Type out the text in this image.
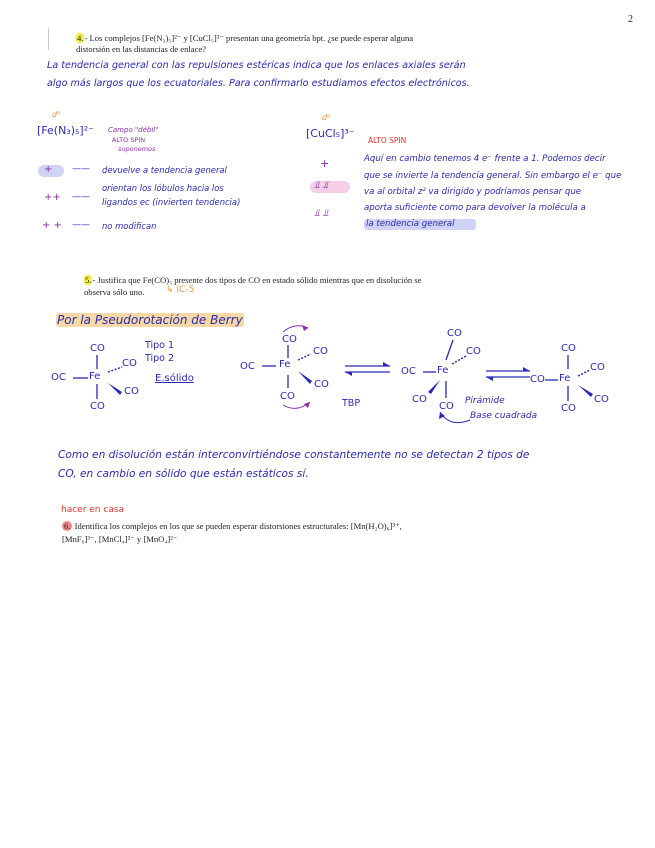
2
4.- Los complejos [Fe(N₃)₅]²⁻ y [CuCl₅]³⁻ presentan una geometría bpt. ¿se puede esperar alguna
distorsión en las distancias de enlace?
La tendencia general con las repulsiones estéricas indica que los enlaces axiales serán
algo más largos que los ecuatoriales. Para confirmarlo estudiamos efectos electrónicos.
d⁶
[Fe(N₃)₅]²⁻ Campo "débil"
ALTO SPIN
suponemos
+ —— devuelve a tendencia general
++ ——
orientan los lóbulos hacia los
ligandos ec (invierten tendencia)
+ + —— no modifican
d⁹
[CuCl₅]³⁻
ALTO SPIN
+
⫫ ⫫
⫫ ⫫
Aquí en cambio tenemos 4 e⁻ frente a 1. Podemos decir
que se invierte la tendencia general. Sin embargo el e⁻ que
va al orbital z² va dirigido y podríamos pensar que
aporta suficiente como para devolver la molécula a
la tendencia general
5.- Justifica que Fe(CO)₅ presente dos tipos de CO en estado sólido mientras que en disolución se
observa sólo uno. ↳ IC-5
Por la Pseudorotación de Berry
CO
OC Fe
CO
CO
CO
Tipo 1
Tipo 2
E.sólido
CO
OC Fe
CO
CO
CO
TBP
CO
OC Fe
CO
CO
CO Pirámide
Base cuadrada
CO
CO Fe
CO
CO
CO
Como en disolución están interconvirtiéndose constantemente no se detectan 2 tipos de
CO, en cambio en sólido que están estáticos sí.
hacer en casa
6. Identifica los complejos en los que se pueden esperar distorsiones estructurales: [Mn(H₂O)₆]³⁺,
[MnF₆]³⁻, [MnCl₄]²⁻ y [MnO₄]²⁻
